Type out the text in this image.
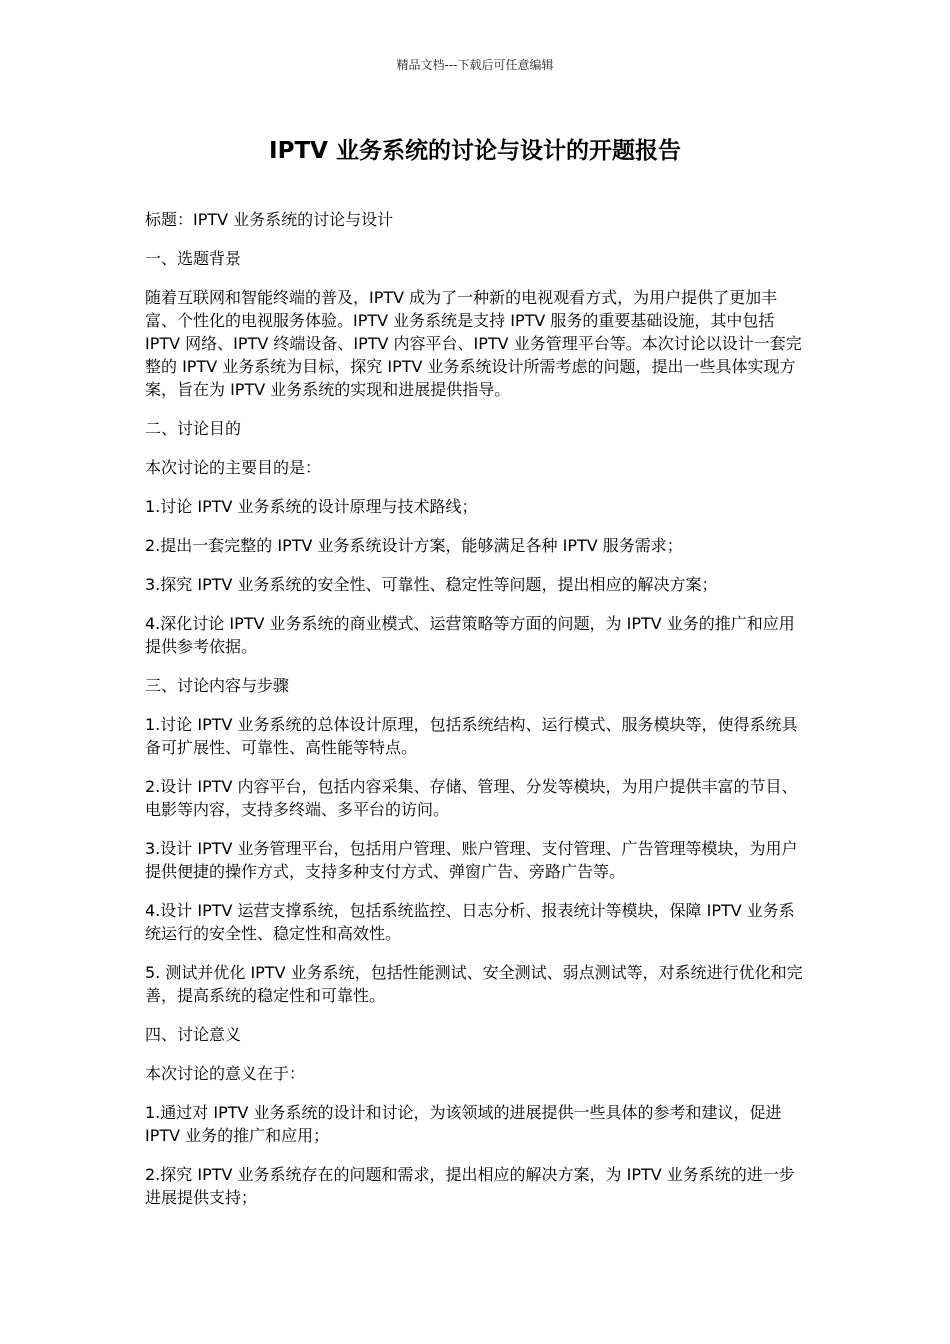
精品文档---下载后可任意编辑
IPTV 业务系统的讨论与设计的开题报告

标题：IPTV 业务系统的讨论与设计

一、选题背景

随着互联网和智能终端的普及，IPTV 成为了一种新的电视观看方式，为用户提供了更加丰富、个性化的电视服务体验。IPTV 业务系统是支持 IPTV 服务的重要基础设施，其中包括 IPTV 网络、IPTV 终端设备、IPTV 内容平台、IPTV 业务管理平台等。本次讨论以设计一套完整的 IPTV 业务系统为目标，探究 IPTV 业务系统设计所需考虑的问题，提出一些具体实现方案，旨在为 IPTV 业务系统的实现和进展提供指导。

二、讨论目的

本次讨论的主要目的是：

1.讨论 IPTV 业务系统的设计原理与技术路线；

2.提出一套完整的 IPTV 业务系统设计方案，能够满足各种 IPTV 服务需求；

3.探究 IPTV 业务系统的安全性、可靠性、稳定性等问题，提出相应的解决方案；

4.深化讨论 IPTV 业务系统的商业模式、运营策略等方面的问题，为 IPTV 业务的推广和应用提供参考依据。

三、讨论内容与步骤

1.讨论 IPTV 业务系统的总体设计原理，包括系统结构、运行模式、服务模块等，使得系统具备可扩展性、可靠性、高性能等特点。

2.设计 IPTV 内容平台，包括内容采集、存储、管理、分发等模块，为用户提供丰富的节目、电影等内容，支持多终端、多平台的访问。

3.设计 IPTV 业务管理平台，包括用户管理、账户管理、支付管理、广告管理等模块，为用户提供便捷的操作方式，支持多种支付方式、弹窗广告、旁路广告等。

4.设计 IPTV 运营支撑系统，包括系统监控、日志分析、报表统计等模块，保障 IPTV 业务系统运行的安全性、稳定性和高效性。

5. 测试并优化 IPTV 业务系统，包括性能测试、安全测试、弱点测试等，对系统进行优化和完善，提高系统的稳定性和可靠性。

四、讨论意义

本次讨论的意义在于：

1.通过对 IPTV 业务系统的设计和讨论，为该领域的进展提供一些具体的参考和建议，促进 IPTV 业务的推广和应用；

2.探究 IPTV 业务系统存在的问题和需求，提出相应的解决方案，为 IPTV 业务系统的进一步进展提供支持；
